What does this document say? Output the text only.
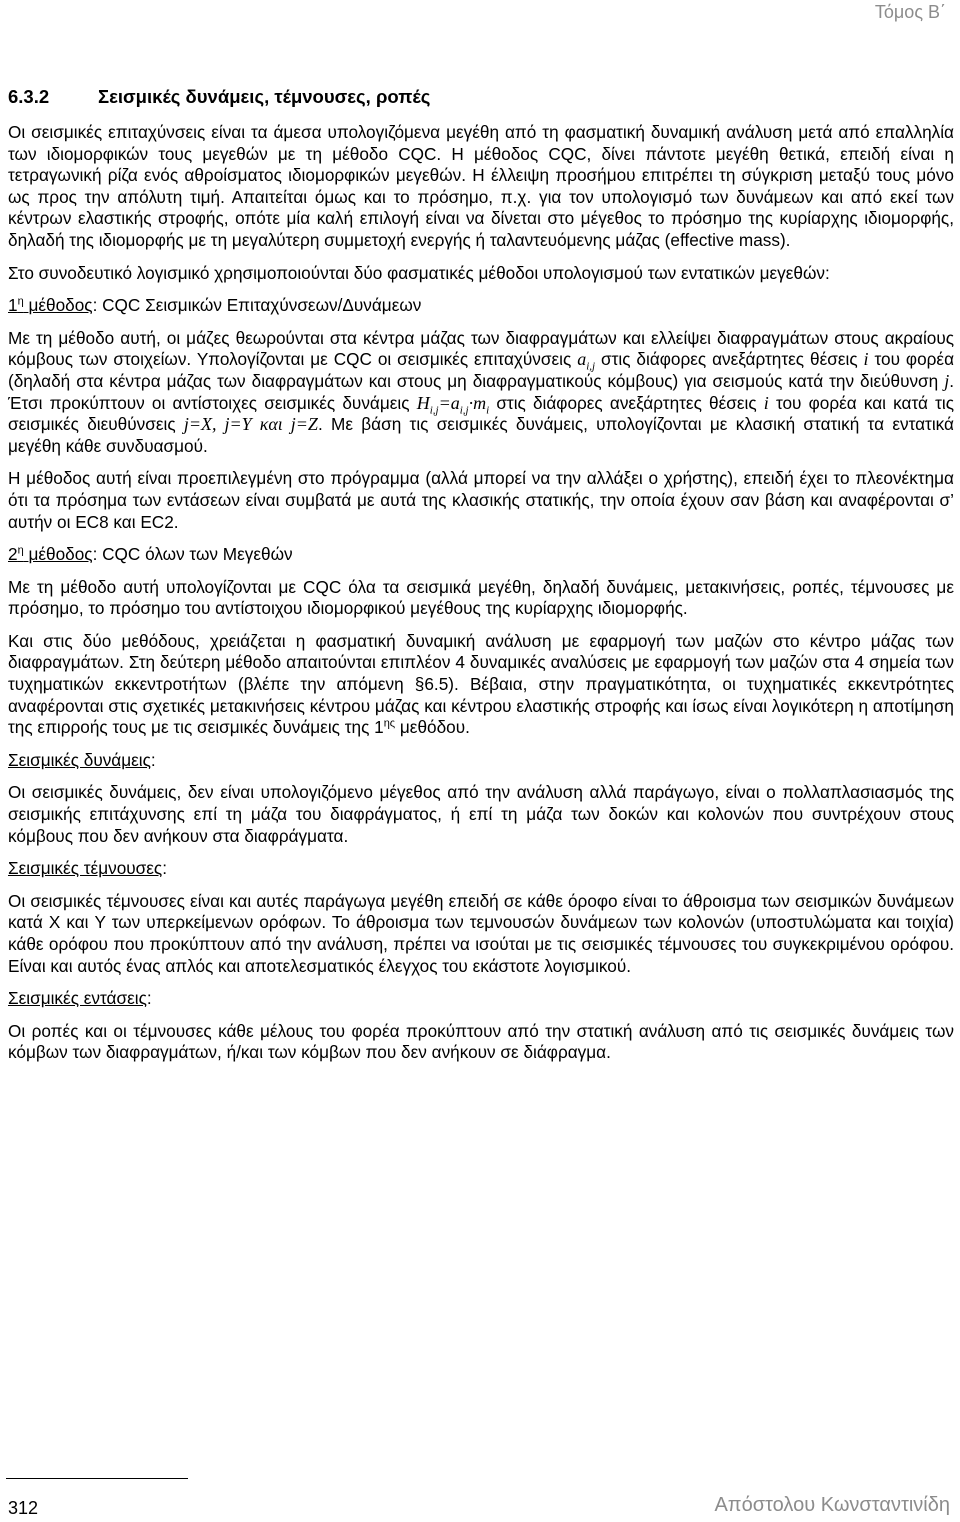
Τόμος Β΄
6.3.2	Σεισμικές δυνάμεις, τέμνουσες, ροπές

Οι σεισμικές επιταχύνσεις είναι τα άμεσα υπολογιζόμενα μεγέθη από τη φασματική δυναμική ανάλυση μετά από επαλληλία των ιδιομορφικών τους μεγεθών με τη μέθοδο CQC. Η μέθοδος CQC, δίνει πάντοτε μεγέθη θετικά, επειδή είναι η τετραγωνική ρίζα ενός αθροίσματος ιδιομορφικών μεγεθών. Η έλλειψη προσήμου επιτρέπει τη σύγκριση μεταξύ τους μόνο ως προς την απόλυτη τιμή. Απαιτείται όμως και το πρόσημο, π.χ. για τον υπολογισμό των δυνάμεων και από εκεί των κέντρων ελαστικής στροφής, οπότε μία καλή επιλογή είναι να δίνεται στο μέγεθος το πρόσημο της κυρίαρχης ιδιομορφής, δηλαδή της ιδιομορφής με τη μεγαλύτερη συμμετοχή ενεργής ή ταλαντευόμενης μάζας (effective mass).

Στο συνοδευτικό λογισμικό χρησιμοποιούνται δύο φασματικές μέθοδοι υπολογισμού των εντατικών μεγεθών:

$1^\eta$ μέθοδος: CQC Σεισμικών Επιταχύνσεων/Δυνάμεων

Με τη μέθοδο αυτή, οι μάζες θεωρούνται στα κέντρα μάζας των διαφραγμάτων και ελλείψει διαφραγμάτων στους ακραίους κόμβους των στοιχείων. Υπολογίζονται με CQC οι σεισμικές επιταχύνσεις $a_{i,j}$ στις διάφορες ανεξάρτητες θέσεις i του φορέα (δηλαδή στα κέντρα μάζας των διαφραγμάτων και στους μη διαφραγματικούς κόμβους) για σεισμούς κατά την διεύθυνση j. Έτσι προκύπτουν οι αντίστοιχες σεισμικές δυνάμεις $H_{i,j}=a_{i,j}\cdot m_i$ στις διάφορες ανεξάρτητες θέσεις i του φορέα και κατά τις σεισμικές διευθύνσεις j=X, j=Y και j=Z. Με βάση τις σεισμικές δυνάμεις, υπολογίζονται με κλασική στατική τα εντατικά μεγέθη κάθε συνδυασμού.

Η μέθοδος αυτή είναι προεπιλεγμένη στο πρόγραμμα (αλλά μπορεί να την αλλάξει ο χρήστης), επειδή έχει το πλεονέκτημα ότι τα πρόσημα των εντάσεων είναι συμβατά με αυτά της κλασικής στατικής, την οποία έχουν σαν βάση και αναφέρονται σ’ αυτήν οι EC8 και EC2.

$2^\eta$ μέθοδος: CQC όλων των Μεγεθών

Με τη μέθοδο αυτή υπολογίζονται με CQC όλα τα σεισμικά μεγέθη, δηλαδή δυνάμεις, μετακινήσεις, ροπές, τέμνουσες με πρόσημο, το πρόσημο του αντίστοιχου ιδιομορφικού μεγέθους της κυρίαρχης ιδιομορφής.

Και στις δύο μεθόδους, χρειάζεται η φασματική δυναμική ανάλυση με εφαρμογή των μαζών στο κέντρο μάζας των διαφραγμάτων. Στη δεύτερη μέθοδο απαιτούνται επιπλέον 4 δυναμικές αναλύσεις με εφαρμογή των μαζών στα 4 σημεία των τυχηματικών εκκεντροτήτων (βλέπε την απόμενη §6.5). Βέβαια, στην πραγματικότητα, οι τυχηματικές εκκεντρότητες αναφέρονται στις σχετικές μετακινήσεις κέντρου μάζας και κέντρου ελαστικής στροφής και ίσως είναι λογικότερη η αποτίμηση της επιρροής τους με τις σεισμικές δυνάμεις της $1^{\eta\varsigma}$ μεθόδου.

Σεισμικές δυνάμεις:

Οι σεισμικές δυνάμεις, δεν είναι υπολογιζόμενο μέγεθος από την ανάλυση αλλά παράγωγο, είναι ο πολλαπλασιασμός της σεισμικής επιτάχυνσης επί τη μάζα του διαφράγματος, ή επί τη μάζα των δοκών και κολονών που συντρέχουν στους κόμβους που δεν ανήκουν στα διαφράγματα.

Σεισμικές τέμνουσες:

Οι σεισμικές τέμνουσες είναι και αυτές παράγωγα μεγέθη επειδή σε κάθε όροφο είναι το άθροισμα των σεισμικών δυνάμεων κατά X και Y των υπερκείμενων ορόφων. Το άθροισμα των τεμνουσών δυνάμεων των κολονών (υποστυλώματα και τοιχία) κάθε ορόφου που προκύπτουν από την ανάλυση, πρέπει να ισούται με τις σεισμικές τέμνουσες του συγκεκριμένου ορόφου. Είναι και αυτός ένας απλός και αποτελεσματικός έλεγχος του εκάστοτε λογισμικού.

Σεισμικές εντάσεις:

Οι ροπές και οι τέμνουσες κάθε μέλους του φορέα προκύπτουν από την στατική ανάλυση από τις σεισμικές δυνάμεις των κόμβων των διαφραγμάτων, ή/και των κόμβων που δεν ανήκουν σε διάφραγμα.

312	Απόστολου Κωνσταντινίδη
